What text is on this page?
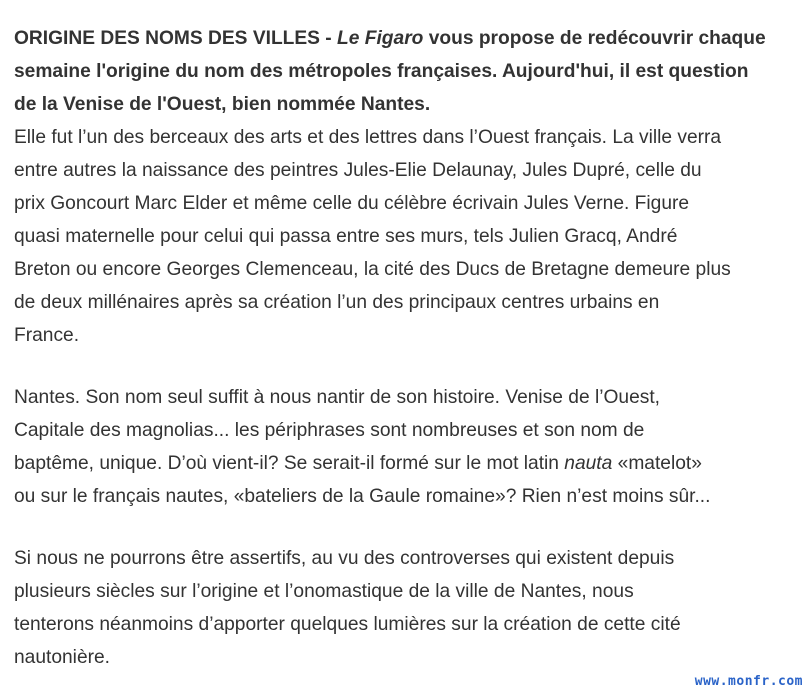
ORIGINE DES NOMS DES VILLES - Le Figaro vous propose de redécouvrir chaque
semaine l'origine du nom des métropoles françaises. Aujourd'hui, il est question
de la Venise de l'Ouest, bien nommée Nantes.
Elle fut l’un des berceaux des arts et des lettres dans l’Ouest français. La ville verra
entre autres la naissance des peintres Jules-Elie Delaunay, Jules Dupré, celle du
prix Goncourt Marc Elder et même celle du célèbre écrivain Jules Verne. Figure
quasi maternelle pour celui qui passa entre ses murs, tels Julien Gracq, André
Breton ou encore Georges Clemenceau, la cité des Ducs de Bretagne demeure plus
de deux millénaires après sa création l’un des principaux centres urbains en
France.
Nantes. Son nom seul suffit à nous nantir de son histoire. Venise de l’Ouest,
Capitale des magnolias... les périphrases sont nombreuses et son nom de
baptême, unique. D’où vient-il? Se serait-il formé sur le mot latin nauta «matelot»
ou sur le français nautes, «bateliers de la Gaule romaine»? Rien n’est moins sûr...
Si nous ne pourrons être assertifs, au vu des controverses qui existent depuis
plusieurs siècles sur l’origine et l’onomastique de la ville de Nantes, nous
tenterons néanmoins d’apporter quelques lumières sur la création de cette cité
nautonière.
www.monfr.com
